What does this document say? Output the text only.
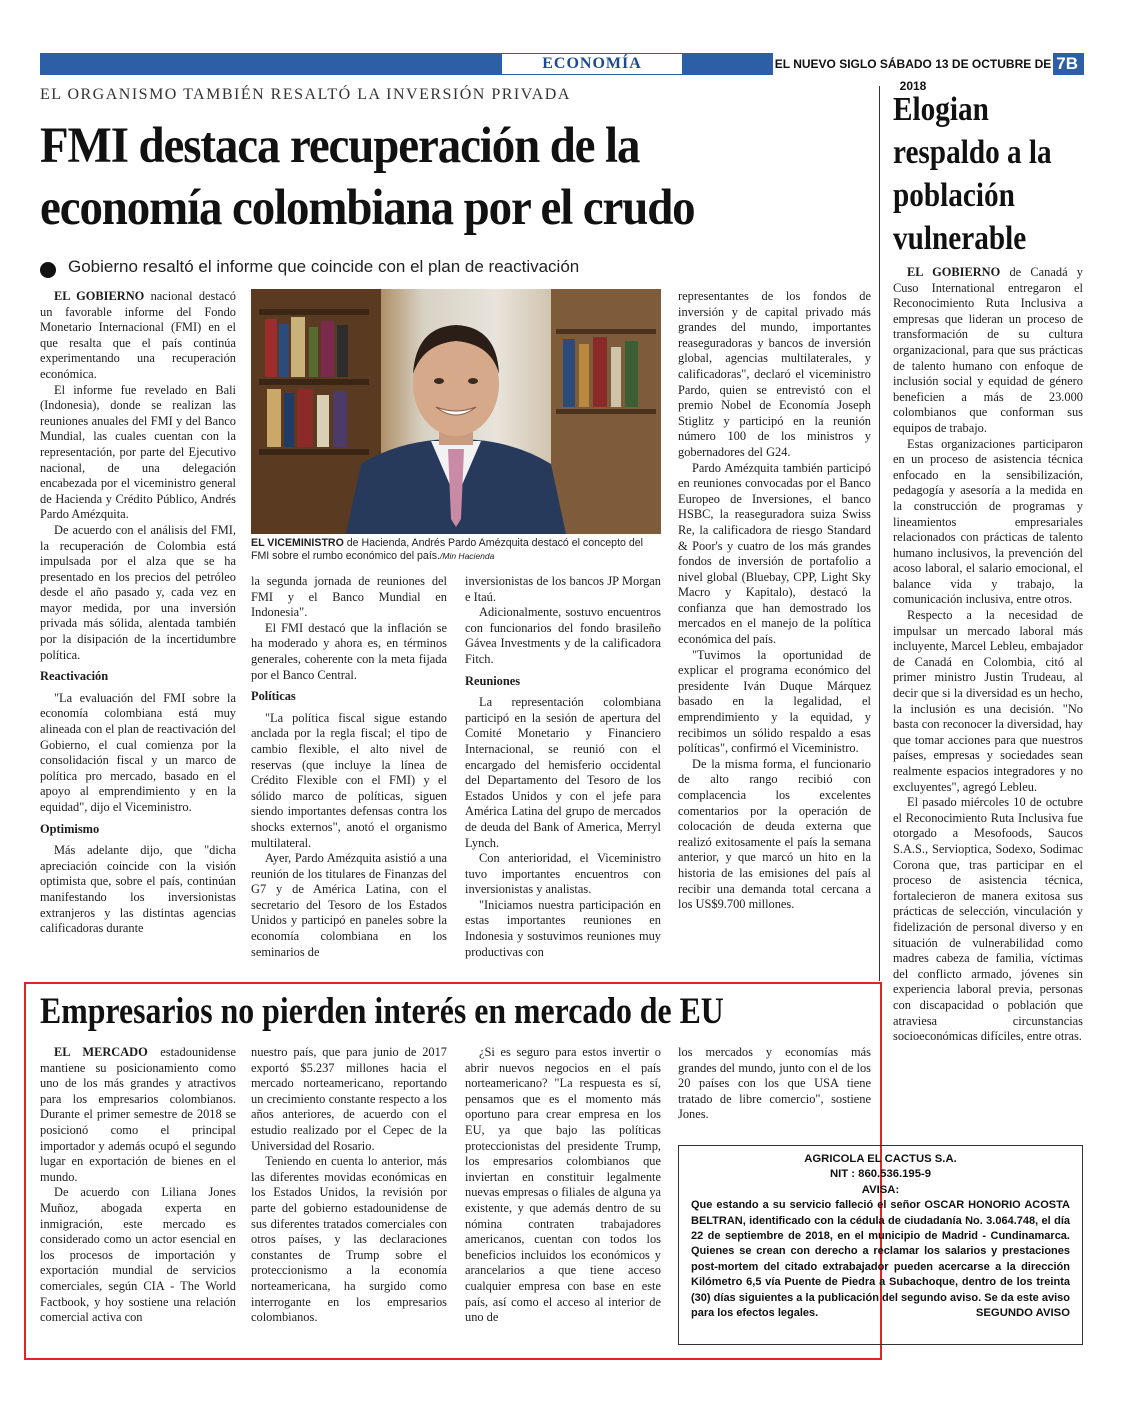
ECONOMÍA	EL NUEVO SIGLO SÁBADO 13 DE OCTUBRE DE 2018
7B
EL ORGANISMO TAMBIÉN RESALTÓ LA INVERSIÓN PRIVADA
FMI destaca recuperación de la economía colombiana por el crudo
Gobierno resaltó el informe que coincide con el plan de reactivación

EL GOBIERNO nacional destacó un favorable informe del Fondo Monetario Internacional (FMI) en el que resalta que el país continúa experimentando una recuperación económica.

El informe fue revelado en Bali (Indonesia), donde se realizan las reuniones anuales del FMI y del Banco Mundial, las cuales cuentan con la representación, por parte del Ejecutivo nacional, de una delegación encabezada por el viceministro general de Hacienda y Crédito Público, Andrés Pardo Amézquita.

De acuerdo con el análisis del FMI, la recuperación de Colombia está impulsada por el alza que se ha presentado en los precios del petróleo desde el año pasado y, cada vez en mayor medida, por una inversión privada más sólida, alentada también por la disipación de la incertidumbre política.

Reactivación

"La evaluación del FMI sobre la economía colombiana está muy alineada con el plan de reactivación del Gobierno, el cual comienza por la consolidación fiscal y un marco de política pro mercado, basado en el apoyo al emprendimiento y en la equidad", dijo el Viceministro.

Optimismo

Más adelante dijo, que "dicha apreciación coincide con la visión optimista que, sobre el país, continúan manifestando los inversionistas extranjeros y las distintas agencias calificadoras durante

EL VICEMINISTRO de Hacienda, Andrés Pardo Amézquita destacó el concepto del FMI sobre el rumbo económico del país./Min Hacienda

la segunda jornada de reuniones del FMI y el Banco Mundial en Indonesia".

El FMI destacó que la inflación se ha moderado y ahora es, en términos generales, coherente con la meta fijada por el Banco Central.

Políticas

"La política fiscal sigue estando anclada por la regla fiscal; el tipo de cambio flexible, el alto nivel de reservas (que incluye la línea de Crédito Flexible con el FMI) y el sólido marco de políticas, siguen siendo importantes defensas contra los shocks externos", anotó el organismo multilateral.

Ayer, Pardo Amézquita asistió a una reunión de los titulares de Finanzas del G7 y de América Latina, con el secretario del Tesoro de los Estados Unidos y participó en paneles sobre la economía colombiana en los seminarios de

inversionistas de los bancos JP Morgan e Itaú.

Adicionalmente, sostuvo encuentros con funcionarios del fondo brasileño Gávea Investments y de la calificadora Fitch.

Reuniones

La representación colombiana participó en la sesión de apertura del Comité Monetario y Financiero Internacional, se reunió con el encargado del hemisferio occidental del Departamento del Tesoro de los Estados Unidos y con el jefe para América Latina del grupo de mercados de deuda del Bank of America, Merryl Lynch.

Con anterioridad, el Viceministro tuvo importantes encuentros con inversionistas y analistas.

"Iniciamos nuestra participación en estas importantes reuniones en Indonesia y sostuvimos reuniones muy productivas con

representantes de los fondos de inversión y de capital privado más grandes del mundo, importantes reaseguradoras y bancos de inversión global, agencias multilaterales, y calificadoras", declaró el viceministro Pardo, quien se entrevistó con el premio Nobel de Economía Joseph Stiglitz y participó en la reunión número 100 de los ministros y gobernadores del G24.

Pardo Amézquita también participó en reuniones convocadas por el Banco Europeo de Inversiones, el banco HSBC, la reaseguradora suiza Swiss Re, la calificadora de riesgo Standard & Poor's y cuatro de los más grandes fondos de inversión de portafolio a nivel global (Bluebay, CPP, Light Sky Macro y Kapitalo), destacó la confianza que han demostrado los mercados en el manejo de la política económica del país.

"Tuvimos la oportunidad de explicar el programa económico del presidente Iván Duque Márquez basado en la legalidad, el emprendimiento y la equidad, y recibimos un sólido respaldo a esas políticas", confirmó el Viceministro.

De la misma forma, el funcionario de alto rango recibió con complacencia los excelentes comentarios por la operación de colocación de deuda externa que realizó exitosamente el país la semana anterior, y que marcó un hito en la historia de las emisiones del país al recibir una demanda total cercana a los US$9.700 millones.

Elogian respaldo a la población vulnerable

EL GOBIERNO de Canadá y Cuso International entregaron el Reconocimiento Ruta Inclusiva a empresas que lideran un proceso de transformación de su cultura organizacional, para que sus prácticas de talento humano con enfoque de inclusión social y equidad de género beneficien a más de 23.000 colombianos que conforman sus equipos de trabajo.

Estas organizaciones participaron en un proceso de asistencia técnica enfocado en la sensibilización, pedagogía y asesoría a la medida en la construcción de programas y lineamientos empresariales relacionados con prácticas de talento humano inclusivos, la prevención del acoso laboral, el salario emocional, el balance vida y trabajo, la comunicación inclusiva, entre otros.

Respecto a la necesidad de impulsar un mercado laboral más incluyente, Marcel Lebleu, embajador de Canadá en Colombia, citó al primer ministro Justin Trudeau, al decir que si la diversidad es un hecho, la inclusión es una decisión. "No basta con reconocer la diversidad, hay que tomar acciones para que nuestros países, empresas y sociedades sean realmente espacios integradores y no excluyentes", agregó Lebleu.

El pasado miércoles 10 de octubre el Reconocimiento Ruta Inclusiva fue otorgado a Mesofoods, Saucos S.A.S., Servioptica, Sodexo, Sodimac Corona que, tras participar en el proceso de asistencia técnica, fortalecieron de manera exitosa sus prácticas de selección, vinculación y fidelización de personal diverso y en situación de vulnerabilidad como madres cabeza de familia, víctimas del conflicto armado, jóvenes sin experiencia laboral previa, personas con discapacidad o población que atraviesa circunstancias socioeconómicas difíciles, entre otras.

Empresarios no pierden interés en mercado de EU

EL MERCADO estadounidense mantiene su posicionamiento como uno de los más grandes y atractivos para los empresarios colombianos. Durante el primer semestre de 2018 se posicionó como el principal importador y además ocupó el segundo lugar en exportación de bienes en el mundo.

De acuerdo con Liliana Jones Muñoz, abogada experta en inmigración, este mercado es considerado como un actor esencial en los procesos de importación y exportación mundial de servicios comerciales, según CIA - The World Factbook, y hoy sostiene una relación comercial activa con

nuestro país, que para junio de 2017 exportó $5.237 millones hacia el mercado norteamericano, reportando un crecimiento constante respecto a los años anteriores, de acuerdo con el estudio realizado por el Cepec de la Universidad del Rosario.

Teniendo en cuenta lo anterior, más las diferentes movidas económicas en los Estados Unidos, la revisión por parte del gobierno estadounidense de sus diferentes tratados comerciales con otros países, y las declaraciones constantes de Trump sobre el proteccionismo a la economía norteamericana, ha surgido como interrogante en los empresarios colombianos.

¿Si es seguro para estos invertir o abrir nuevos negocios en el país norteamericano? "La respuesta es sí, pensamos que es el momento más oportuno para crear empresa en los EU, ya que bajo las políticas proteccionistas del presidente Trump, los empresarios colombianos que inviertan en constituir legalmente nuevas empresas o filiales de alguna ya existente, y que además dentro de su nómina contraten trabajadores americanos, cuentan con todos los beneficios incluidos los económicos y arancelarios a que tiene acceso cualquier empresa con base en este país, así como el acceso al interior de uno de

los mercados y economías más grandes del mundo, junto con el de los 20 países con los que USA tiene tratado de libre comercio", sostiene Jones.

AGRICOLA EL CACTUS S.A.
NIT : 860.536.195-9
AVISA:
Que estando a su servicio falleció el señor OSCAR HONORIO ACOSTA BELTRAN, identificado con la cédula de ciudadanía No. 3.064.748, el día 22 de septiembre de 2018, en el municipio de Madrid - Cundinamarca. Quienes se crean con derecho a reclamar los salarios y prestaciones post-mortem del citado extrabajador pueden acercarse a la dirección Kilómetro 6,5 vía Puente de Piedra a Subachoque, dentro de los treinta (30) días siguientes a la publicación del segundo aviso. Se da este aviso para los efectos legales.	SEGUNDO AVISO
